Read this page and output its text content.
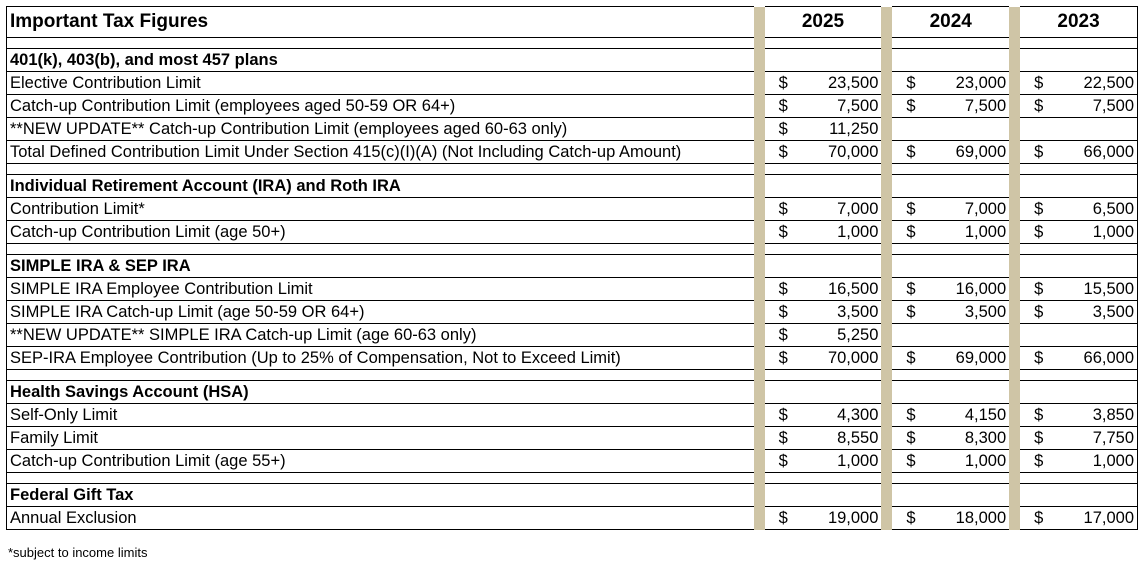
Important Tax Figures		2025			2024			2023	

401(k), 403(b), and most 457 plans									
Elective Contribution Limit		$	23,500		$	23,000		$	22,500
Catch-up Contribution Limit (employees aged 50-59 OR 64+)		$	7,500		$	7,500		$	7,500
**NEW UPDATE** Catch-up Contribution Limit (employees aged 60-63 only)		$	11,250						
Total Defined Contribution Limit Under Section 415(c)(I)(A) (Not Including Catch-up Amount)		$	70,000		$	69,000		$	66,000

Individual Retirement Account (IRA) and Roth IRA									
Contribution Limit*		$	7,000		$	7,000		$	6,500
Catch-up Contribution Limit (age 50+)		$	1,000		$	1,000		$	1,000

SIMPLE IRA & SEP IRA									
SIMPLE IRA Employee Contribution Limit		$	16,500		$	16,000		$	15,500
SIMPLE IRA Catch-up Limit (age 50-59 OR 64+)		$	3,500		$	3,500		$	3,500
**NEW UPDATE** SIMPLE IRA Catch-up Limit (age 60-63 only)		$	5,250						
SEP-IRA Employee Contribution (Up to 25% of Compensation, Not to Exceed Limit)		$	70,000		$	69,000		$	66,000

Health Savings Account (HSA)									
Self-Only Limit		$	4,300		$	4,150		$	3,850
Family Limit		$	8,550		$	8,300		$	7,750
Catch-up Contribution Limit (age 55+)		$	1,000		$	1,000		$	1,000

Federal Gift Tax									
Annual Exclusion		$	19,000		$	18,000		$	17,000
*subject to income limits
